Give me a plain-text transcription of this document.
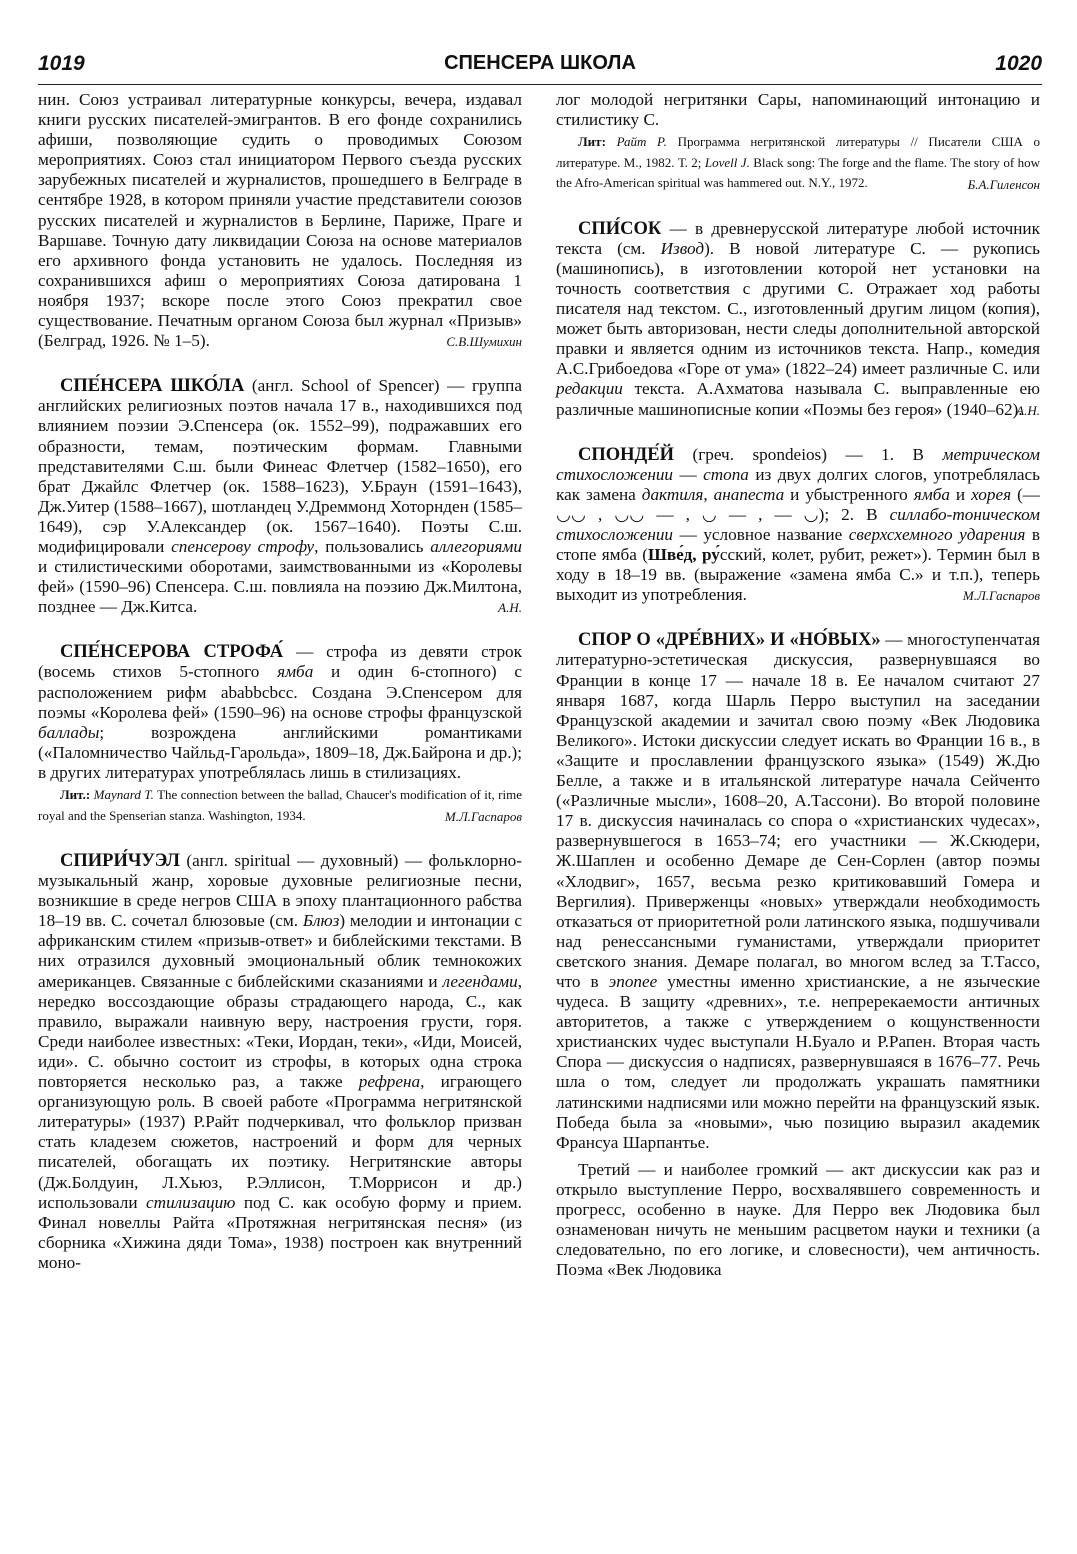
1019	СПЕНСЕРА ШКОЛА	1020

нин. Союз устраивал литературные конкурсы, вечера, издавал книги русских писателей-эмигрантов. В его фонде сохранились афиши, позволяющие судить о проводимых Союзом мероприятиях. Союз стал инициатором Первого съезда русских зарубежных писателей и журналистов, прошедшего в Белграде в сентябре 1928, в котором приняли участие представители союзов русских писателей и журналистов в Берлине, Париже, Праге и Варшаве. Точную дату ликвидации Союза на основе материалов его архивного фонда установить не удалось. Последняя из сохранившихся афиш о мероприятиях Союза датирована 1 ноября 1937; вскоре после этого Союз прекратил свое существование. Печатным органом Союза был журнал «Призыв» (Белград, 1926. № 1–5).	С.В.Шумихин

СПЕ́НСЕРА ШКО́ЛА (англ. School of Spencer) — группа английских религиозных поэтов начала 17 в., находившихся под влиянием поэзии Э.Спенсера (ок. 1552–99), подражавших его образности, темам, поэтическим формам. Главными представителями С.ш. были Финеас Флетчер (1582–1650), его брат Джайлс Флетчер (ок. 1588–1623), У.Браун (1591–1643), Дж.Уитер (1588–1667), шотландец У.Дреммонд Хоторнден (1585–1649), сэр У.Александер (ок. 1567–1640). Поэты С.ш. модифицировали спенсерову строфу, пользовались аллегориями и стилистическими оборотами, заимствованными из «Королевы фей» (1590–96) Спенсера. С.ш. повлияла на поэзию Дж.Милтона, позднее — Дж.Китса.	А.Н.

СПЕ́НСЕРОВА СТРОФА́ — строфа из девяти строк (восемь стихов 5-стопного ямба и один 6-стопного) с расположением рифм ababbcbcc. Создана Э.Спенсером для поэмы «Королева фей» (1590–96) на основе строфы французской баллады; возрождена английскими романтиками («Паломничество Чайльд-Гарольда», 1809–18, Дж.Байрона и др.); в других литературах употреблялась лишь в стилизациях.

Лит.: Maynard T. The connection between the ballad, Chaucer's modification of it, rime royal and the Spenserian stanza. Washington, 1934.	М.Л.Гаспаров

СПИРИ́ЧУЭЛ (англ. spiritual — духовный) — фольклорно-музыкальный жанр, хоровые духовные религиозные песни, возникшие в среде негров США в эпоху плантационного рабства 18–19 вв. С. сочетал блюзовые (см. Блюз) мелодии и интонации с африканским стилем «призыв-ответ» и библейскими текстами. В них отразился духовный эмоциональный облик темнокожих американцев. Связанные с библейскими сказаниями и легендами, нередко воссоздающие образы страдающего народа, С., как правило, выражали наивную веру, настроения грусти, горя. Среди наиболее известных: «Теки, Иордан, теки», «Иди, Моисей, иди». С. обычно состоит из строфы, в которых одна строка повторяется несколько раз, а также рефрена, играющего организующую роль. В своей работе «Программа негритянской литературы» (1937) Р.Райт подчеркивал, что фольклор призван стать кладезем сюжетов, настроений и форм для черных писателей, обогащать их поэтику. Негритянские авторы (Дж.Болдуин, Л.Хьюз, Р.Эллисон, Т.Моррисон и др.) использовали стилизацию под С. как особую форму и прием. Финал новеллы Райта «Протяжная негритянская песня» (из сборника «Хижина дяди Тома», 1938) построен как внутренний моно-

лог молодой негритянки Сары, напоминающий интонацию и стилистику С.

Лит: Райт Р. Программа негритянской литературы // Писатели США о литературе. М., 1982. Т. 2; Lovell J. Black song: The forge and the flame. The story of how the Afro-American spiritual was hammered out. N.Y., 1972.	Б.А.Гиленсон

СПИ́СОК — в древнерусской литературе любой источник текста (см. Извод). В новой литературе С. — рукопись (машинопись), в изготовлении которой нет установки на точность соответствия с другими С. Отражает ход работы писателя над текстом. С., изготовленный другим лицом (копия), может быть авторизован, нести следы дополнительной авторской правки и является одним из источников текста. Напр., комедия А.С.Грибоедова «Горе от ума» (1822–24) имеет различные С. или редакции текста. А.Ахматова называла С. выправленные ею различные машинописные копии «Поэмы без героя» (1940–62).

А.Н.

СПОНДЕ́Й (греч. spondeios) — 1. В метрическом стихосложении — стопа из двух долгих слогов, употреблялась как замена дактиля, анапеста и убыстренного ямба и хорея (— ◡◡ , ◡◡ — , ◡ — , — ◡); 2. В силлабо-тоническом стихосложении — условное название сверхсхемного ударения в стопе ямба (Шве́д, ру́сский, колет, рубит, режет»). Термин был в ходу в 18–19 вв. (выражение «замена ямба С.» и т.п.), теперь выходит из употребления.	М.Л.Гаспаров

СПОР О «ДРЕ́ВНИХ» И «НО́ВЫХ» — многоступенчатая литературно-эстетическая дискуссия, развернувшаяся во Франции в конце 17 — начале 18 в. Ее началом считают 27 января 1687, когда Шарль Перро выступил на заседании Французской академии и зачитал свою поэму «Век Людовика Великого». Истоки дискуссии следует искать во Франции 16 в., в «Защите и прославлении французского языка» (1549) Ж.Дю Белле, а также и в итальянской литературе начала Сейченто («Различные мысли», 1608–20, А.Тассони). Во второй половине 17 в. дискуссия начиналась со спора о «христианских чудесах», развернувшегося в 1653–74; его участники — Ж.Скюдери, Ж.Шаплен и особенно Демаре де Сен-Сорлен (автор поэмы «Хлодвиг», 1657, весьма резко критиковавший Гомера и Вергилия). Приверженцы «новых» утверждали необходимость отказаться от приоритетной роли латинского языка, подшучивали над ренессансными гуманистами, утверждали приоритет светского знания. Демаре полагал, во многом вслед за Т.Тассо, что в эпопее уместны именно христианские, а не языческие чудеса. В защиту «древних», т.е. непререкаемости античных авторитетов, а также с утверждением о кощунственности христианских чудес выступали Н.Буало и Р.Рапен. Вторая часть Спора — дискуссия о надписях, развернувшаяся в 1676–77. Речь шла о том, следует ли продолжать украшать памятники латинскими надписями или можно перейти на французский язык. Победа была за «новыми», чью позицию выразил академик Франсуа Шарпантье.

Третий — и наиболее громкий — акт дискуссии как раз и открыло выступление Перро, восхвалявшего современность и прогресс, особенно в науке. Для Перро век Людовика был ознаменован ничуть не меньшим расцветом науки и техники (а следовательно, по его логике, и словесности), чем античность. Поэма «Век Людовика
